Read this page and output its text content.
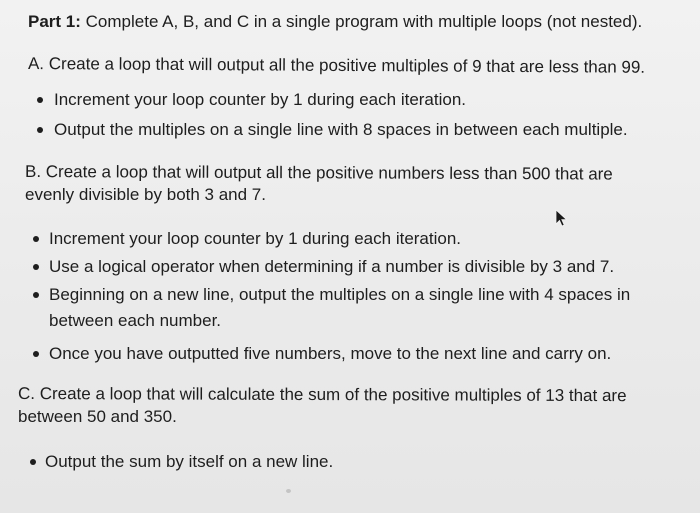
Part 1: Complete A, B, and C in a single program with multiple loops (not nested).
A. Create a loop that will output all the positive multiples of 9 that are less than 99.
Increment your loop counter by 1 during each iteration.
Output the multiples on a single line with 8 spaces in between each multiple.
B. Create a loop that will output all the positive numbers less than 500 that are
evenly divisible by both 3 and 7.
Increment your loop counter by 1 during each iteration.
Use a logical operator when determining if a number is divisible by 3 and 7.
Beginning on a new line, output the multiples on a single line with 4 spaces in
between each number.
Once you have outputted five numbers, move to the next line and carry on.
C. Create a loop that will calculate the sum of the positive multiples of 13 that are
between 50 and 350.
Output the sum by itself on a new line.
